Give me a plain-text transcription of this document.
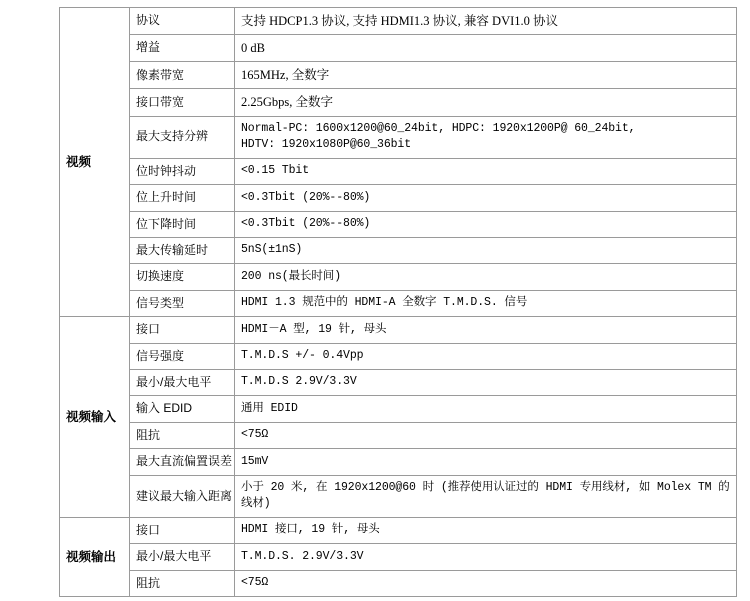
视频	协议	支持 HDCP1.3 协议, 支持 HDMI1.3 协议, 兼容 DVI1.0 协议
	增益	0 dB
	像素带宽	165MHz, 全数字
	接口带宽	2.25Gbps, 全数字
	最大支持分辨	Normal-PC: 1600x1200@60_24bit, HDPC: 1920x1200P@ 60_24bit,
HDTV: 1920x1080P@60_36bit
	位时钟抖动	<0.15 Tbit
	位上升时间	<0.3Tbit (20%--80%)
	位下降时间	<0.3Tbit (20%--80%)
	最大传输延时	5nS(±1nS)
	切换速度	200 ns(最长时间)
	信号类型	HDMI 1.3 规范中的 HDMI-A 全数字 T.M.D.S. 信号
视频输入	接口	HDMI－A 型, 19 针, 母头
	信号强度	T.M.D.S +/- 0.4Vpp
	最小/最大电平	T.M.D.S 2.9V/3.3V
	输入 EDID	通用 EDID
	阻抗	<75Ω
	最大直流偏置误差	15mV
	建议最大输入距离	小于 20 米, 在 1920x1200@60 时 (推荐使用认证过的 HDMI 专用线材, 如 Molex TM 的
线材)
视频输出	接口	HDMI 接口, 19 针, 母头
	最小/最大电平	T.M.D.S. 2.9V/3.3V
	阻抗	<75Ω
